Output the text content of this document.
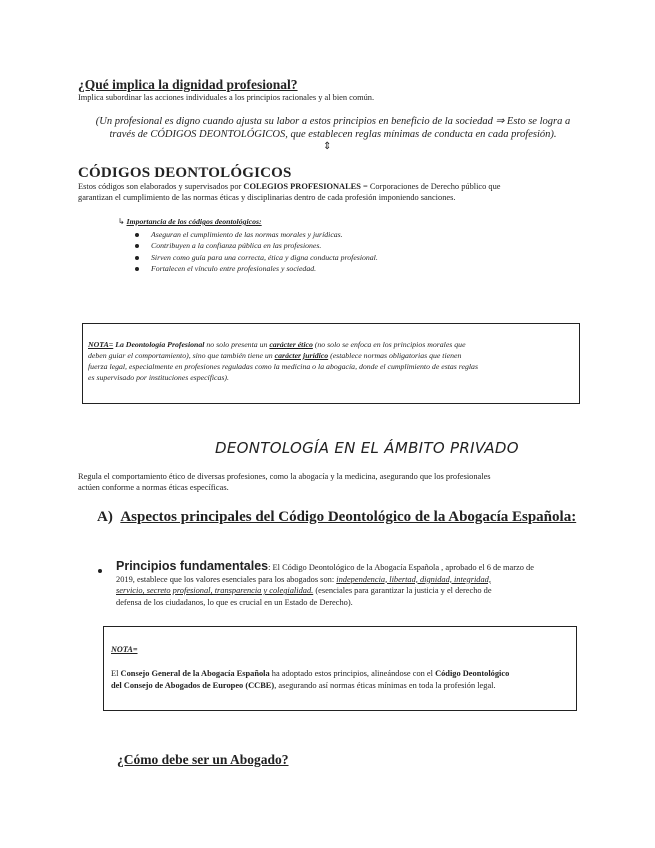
¿Qué implica la dignidad profesional?
Implica subordinar las acciones individuales a los principios racionales y al bien común.
(Un profesional es digno cuando ajusta su labor a estos principios en beneficio de la sociedad ⇒ Esto se logra a
través de CÓDIGOS DEONTOLÓGICOS, que establecen reglas mínimas de conducta en cada profesión).
⇕
CÓDIGOS DEONTOLÓGICOS
Estos códigos son elaborados y supervisados por COLEGIOS PROFESIONALES = Corporaciones de Derecho público que
garantizan el cumplimiento de las normas éticas y disciplinarias dentro de cada profesión imponiendo sanciones.
↳ Importancia de los códigos deontológicos:
Aseguran el cumplimiento de las normas morales y jurídicas.
Contribuyen a la confianza pública en las profesiones.
Sirven como guía para una correcta, ética y digna conducta profesional.
Fortalecen el vínculo entre profesionales y sociedad.
NOTA= La Deontología Profesional no solo presenta un carácter ético (no solo se enfoca en los principios morales que
deben guiar el comportamiento), sino que también tiene un carácter jurídico (establece normas obligatorias que tienen
fuerza legal, especialmente en profesiones reguladas como la medicina o la abogacía, donde el cumplimiento de estas reglas
es supervisado por instituciones específicas).
DEONTOLOGÍA EN EL ÁMBITO PRIVADO
Regula el comportamiento ético de diversas profesiones, como la abogacía y la medicina, asegurando que los profesionales
actúen conforme a normas éticas específicas.
A) Aspectos principales del Código Deontológico de la Abogacía Española:
Principios fundamentales: El Código Deontológico de la Abogacía Española , aprobado el 6 de marzo de
2019, establece que los valores esenciales para los abogados son: independencia, libertad, dignidad, integridad,
servicio, secreto profesional, transparencia y colegialidad. (esenciales para garantizar la justicia y el derecho de
defensa de los ciudadanos, lo que es crucial en un Estado de Derecho).
NOTA=
El Consejo General de la Abogacía Española ha adoptado estos principios, alineándose con el Código Deontológico
del Consejo de Abogados de Europeo (CCBE), asegurando así normas éticas mínimas en toda la profesión legal.
¿Cómo debe ser un Abogado?
